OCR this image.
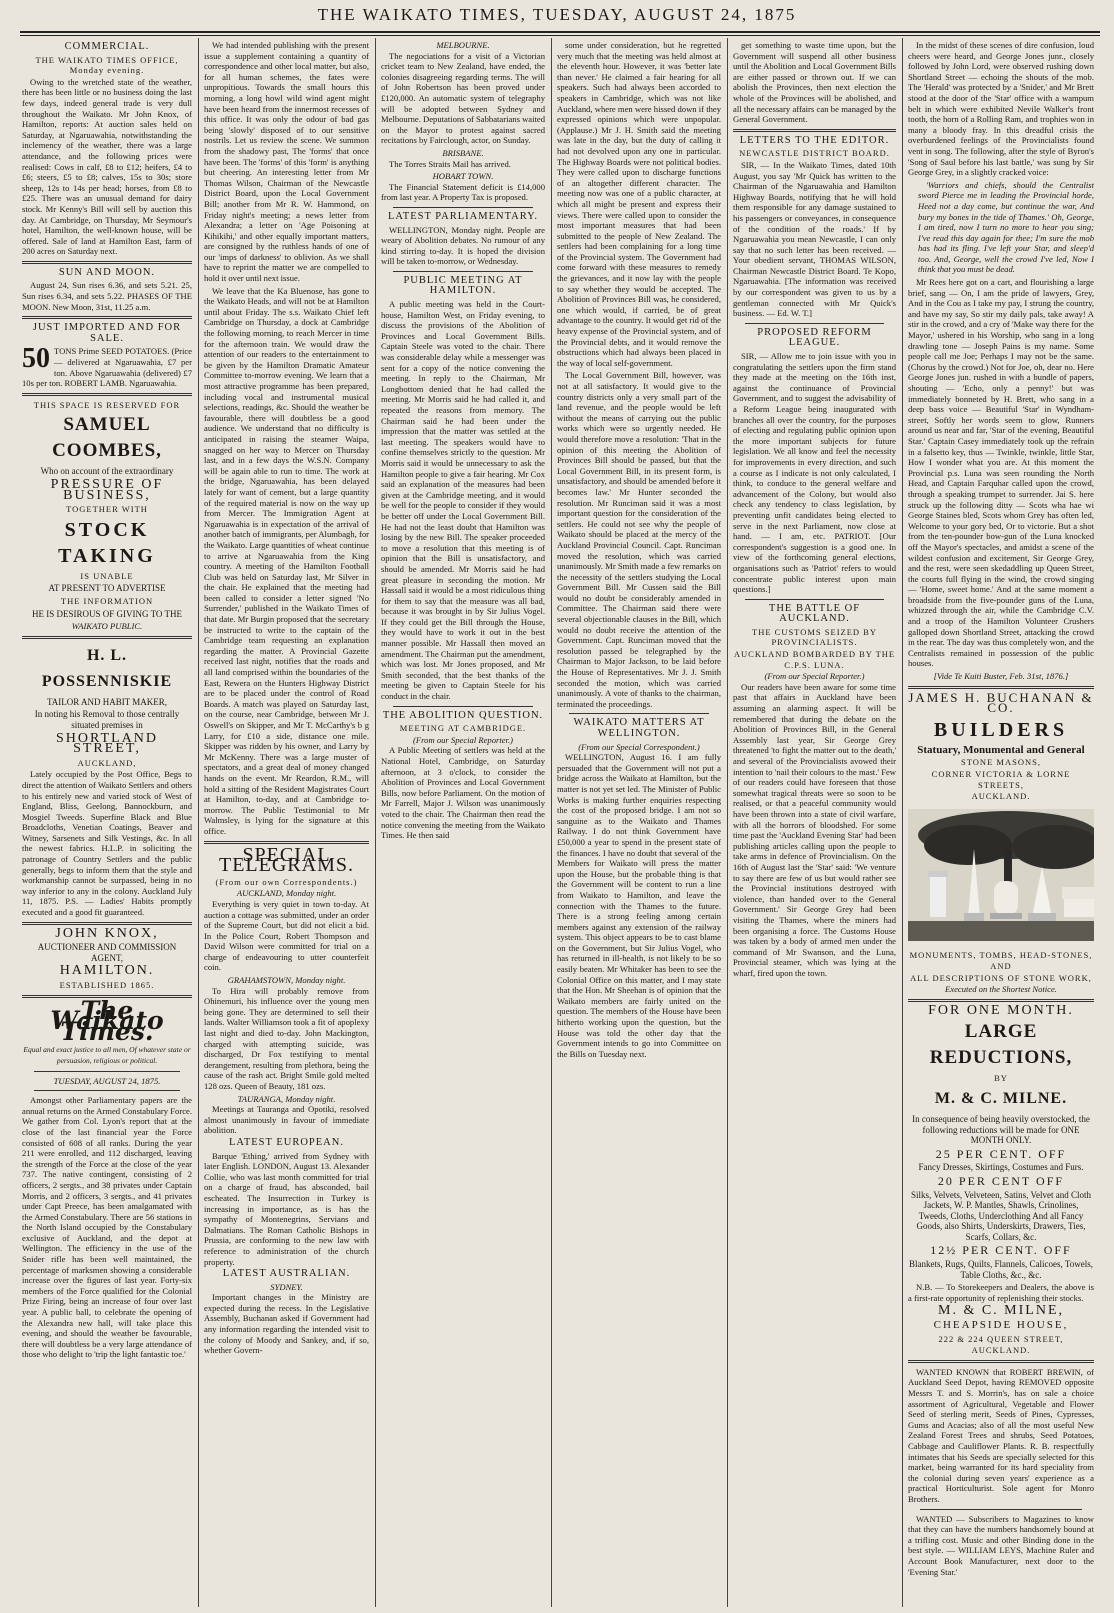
THE WAIKATO TIMES, TUESDAY, AUGUST 24, 1875
COMMERCIAL.
THE WAIKATO TIMES OFFICE, Monday evening.

Owing to the wretched state of the weather, there has been little or no business doing the last few days, indeed general trade is very dull throughout the Waikato. Mr John Knox, of Hamilton, reports: At auction sales held on Saturday, at Ngaruawahia, notwithstanding the inclemency of the weather, there was a large attendance, and the following prices were realised: Cows in calf, £8 to £12; heifers, £4 to £6; steers, £5 to £8; calves, 15s to 30s; store sheep, 12s to 14s per head; horses, from £8 to £25. There was an unusual demand for dairy stock. Mr Kenny's Bill will sell by auction this day. At Cambridge, on Thursday, Mr Seymour's hotel, Hamilton, the well-known house, will be offered. Sale of land at Hamilton East, farm of 200 acres on Saturday next.

SUN AND MOON.

August 24, Sun rises 6.36, and sets 5.21. 25, Sun rises 6.34, and sets 5.22. PHASES OF THE MOON. New Moon, 31st, 11.25 a.m.

JUST IMPORTED AND FOR SALE.
50 TONS Prime SEED POTATOES. (Price — delivered at Ngaruawahia, £7 per ton. Above Ngaruawahia (delivered) £7 10s per ton. ROBERT LAMB. Ngaruawahia.
THIS SPACE IS RESERVED FOR
SAMUEL COOMBES,
Who on account of the extraordinary
PRESSURE OF BUSINESS,
TOGETHER WITH
STOCK TAKING
IS UNABLE
AT PRESENT TO ADVERTISE
THE INFORMATION
HE IS DESIROUS OF GIVING TO THE
WAIKATO PUBLIC.
H. L. POSSENNISKIE
TAILOR AND HABIT MAKER,
In noting his Removal to those centrally situated premises in
SHORTLAND STREET,
AUCKLAND,

Lately occupied by the Post Office, Begs to direct the attention of Waikato Settlers and others to his entirely new and varied stock of West of England, Bliss, Geelong, Bannockburn, and Mosgiel Tweeds. Superfine Black and Blue Broadcloths, Venetian Coatings, Beaver and Witney, Sarsenets and Silk Vestings, &c. In all the newest fabrics. H.L.P. in soliciting the patronage of Country Settlers and the public generally, begs to inform them that the style and workmanship cannot be surpassed, being in no way inferior to any in the colony. Auckland July 11, 1875. P.S. — Ladies' Habits promptly executed and a good fit guaranteed.

JOHN KNOX,
AUCTIONEER AND COMMISSION AGENT,
HAMILTON.
ESTABLISHED 1865.
The Waikato Times.
Equal and exact justice to all men, Of whatever state or persuasion, religious or political.
TUESDAY, AUGUST 24, 1875.

Amongst other Parliamentary papers are the annual returns on the Armed Constabulary Force. We gather from Col. Lyon's report that at the close of the last financial year the Force consisted of 608 of all ranks. During the year 211 were enrolled, and 112 discharged, leaving the strength of the Force at the close of the year 737. The native contingent, consisting of 2 officers, 2 sergts., and 38 privates under Captain Morris, and 2 officers, 3 sergts., and 41 privates under Capt Preece, has been amalgamated with the Armed Constabulary. There are 56 stations in the North Island occupied by the Constabulary exclusive of Auckland, and the depot at Wellington. The efficiency in the use of the Snider rifle has been well maintained, the percentage of marksmen showing a considerable increase over the figures of last year. Forty-six members of the Force qualified for the Colonial Prize Firing, being an increase of four over last year. A public ball, to celebrate the opening of the Alexandra new hall, will take place this evening, and should the weather be favourable, there will doubtless be a very large attendance of those who delight to 'trip the light fantastic toe.'

We had intended publishing with the present issue a supplement containing a quantity of correspondence and other local matter, but also, for all human schemes, the fates were unpropitious. Towards the small hours this morning, a long howl wild wind agent might have been heard from the innermost recesses of this office. It was only the odour of bad gas being 'slowly' disposed of to our sensitive nostrils. Let us review the scene. We summon from the shadowy past, The 'forms' that once have been. The 'forms' of this 'form' is anything but cheering. An interesting letter from Mr Thomas Wilson, Chairman of the Newcastle District Board, upon the Local Government Bill; another from Mr R. W. Hammond, on Friday night's meeting; a news letter from Alexandra; a letter on 'Age Poisoning at Kihikihi,' and other equally important matters, are consigned by the ruthless hands of one of our 'imps of darkness' to oblivion. As we shall have to reprint the matter we are compelled to hold it over until next issue.

We leave that the Ka Bluenose, has gone to the Waikato Heads, and will not be at Hamilton until about Friday. The s.s. Waikato Chief left Cambridge on Thursday, a dock at Cambridge the following morning, to reach Mercer in time for the afternoon train. We would draw the attention of our readers to the entertainment to be given by the Hamilton Dramatic Amateur Committee to-morrow evening. We learn that a most attractive programme has been prepared, including vocal and instrumental musical selections, readings, &c. Should the weather be favourable, there will doubtless be a good audience. We understand that no difficulty is anticipated in raising the steamer Waipa, snagged on her way to Mercer on Thursday last, and in a few days the W.S.N. Company will be again able to run to time. The work at the bridge, Ngaruawahia, has been delayed lately for want of cement, but a large quantity of the required material is now on the way up from Mercer. The Immigration Agent at Ngaruawahia is in expectation of the arrival of another batch of immigrants, per Alumbagh, for the Waikato. Large quantities of wheat continue to arrive at Ngaruawahia from the King country. A meeting of the Hamilton Football Club was held on Saturday last, Mr Silver in the chair. He explained that the meeting had been called to consider a letter signed 'No Surrender,' published in the Waikato Times of that date. Mr Burgin proposed that the secretary be instructed to write to the captain of the Cambridge team requesting an explanation regarding the matter. A Provincial Gazette received last night, notifies that the roads and all land comprised within the boundaries of the East, Rewera on the Hunters Highway District are to be placed under the control of Road Boards. A match was played on Saturday last, on the course, near Cambridge, between Mr J. Oswell's on Skipper, and Mr T. McCarthy's b g Larry, for £10 a side, distance one mile. Skipper was ridden by his owner, and Larry by Mr McKenny. There was a large muster of spectators, and a great deal of money changed hands on the event. Mr Reardon, R.M., will hold a sitting of the Resident Magistrates Court at Hamilton, to-day, and at Cambridge to-morrow. The Public Testimonial to Mr Walmsley, is lying for the signature at this office.

SPECIAL TELEGRAMS.
(From our own Correspondents.)
AUCKLAND, Monday night.

Everything is very quiet in town to-day. At auction a cottage was submitted, under an order of the Supreme Court, but did not elicit a bid. In the Police Court, Robert Thompson and David Wilson were committed for trial on a charge of endeavouring to utter counterfeit coin.

GRAHAMSTOWN, Monday night.

To Hira will probably remove from Ohinemuri, his influence over the young men being gone. They are determined to sell their lands. Walter Williamson took a fit of apoplexy last night and died to-day. John Mackington, charged with attempting suicide, was discharged, Dr Fox testifying to mental derangement, resulting from plethora, being the cause of the rash act. Bright Smile gold melted 128 ozs. Queen of Beauty, 181 ozs.

TAURANGA, Monday night.

Meetings at Tauranga and Opotiki, resolved almost unanimously in favour of immediate abolition.

LATEST EUROPEAN.

Barque 'Ething,' arrived from Sydney with later English. LONDON, August 13. Alexander Collie, who was last month committed for trial on a charge of fraud, has absconded, bail escheated. The Insurrection in Turkey is increasing in importance, as is has the sympathy of Montenegrins, Servians and Dalmatians. The Roman Catholic Bishops in Prussia, are conforming to the new law with reference to administration of the church property.

LATEST AUSTRALIAN.
SYDNEY.

Important changes in the Ministry are expected during the recess. In the Legislative Assembly, Buchanan asked if Government had any information regarding the intended visit to the colony of Moody and Sankey, and, if so, whether Govern-

MELBOURNE.

The negociations for a visit of a Victorian cricket team to New Zealand, have ended, the colonies disagreeing regarding terms. The will of John Robertson has been proved under £120,000. An automatic system of telegraphy will be adopted between Sydney and Melbourne. Deputations of Sabbatarians waited on the Mayor to protest against sacred recitations by Fairclough, actor, on Sunday.

BRISBANE.

The Torres Straits Mail has arrived.

HOBART TOWN.

The Financial Statement deficit is £14,000 from last year. A Property Tax is proposed.

LATEST PARLIAMENTARY.

WELLINGTON, Monday night. People are weary of Abolition debates. No rumour of any kind stirring to-day. It is hoped the division will be taken to-morrow, or Wednesday.

PUBLIC MEETING AT HAMILTON.

A public meeting was held in the Court-house, Hamilton West, on Friday evening, to discuss the provisions of the Abolition of Provinces and Local Government Bills. Captain Steele was voted to the chair. There was considerable delay while a messenger was sent for a copy of the notice convening the meeting. In reply to the Chairman, Mr Longbottom denied that he had called the meeting. Mr Morris said he had called it, and repeated the reasons from memory. The Chairman said he had been under the impression that the matter was settled at the last meeting. The speakers would have to confine themselves strictly to the question. Mr Morris said it would be unnecessary to ask the Hamilton people to give a fair hearing. Mr Cox said an explanation of the measures had been given at the Cambridge meeting, and it would be well for the people to consider if they would be better off under the Local Government Bill. He had not the least doubt that Hamilton was losing by the new Bill. The speaker proceeded to move a resolution that this meeting is of opinion that the Bill is unsatisfactory, and should be amended. Mr Morris said he had great pleasure in seconding the motion. Mr Hassall said it would be a most ridiculous thing for them to say that the measure was all bad, because it was brought in by Sir Julius Vogel. If they could get the Bill through the House, they would have to work it out in the best manner possible. Mr Hassall then moved an amendment. The Chairman put the amendment, which was lost. Mr Jones proposed, and Mr Smith seconded, that the best thanks of the meeting be given to Captain Steele for his conduct in the chair.

THE ABOLITION QUESTION.
MEETING AT CAMBRIDGE.
(From our Special Reporter.)

A Public Meeting of settlers was held at the National Hotel, Cambridge, on Saturday afternoon, at 3 o'clock, to consider the Abolition of Provinces and Local Government Bills, now before Parliament. On the motion of Mr Farrell, Major J. Wilson was unanimously voted to the chair. The Chairman then read the notice convening the meeting from the Waikato Times. He then said

some under consideration, but he regretted very much that the meeting was held almost at the eleventh hour. However, it was 'better late than never.' He claimed a fair hearing for all speakers. Such had always been accorded to speakers in Cambridge, which was not like Auckland, where men were hissed down if they expressed opinions which were unpopular. (Applause.) Mr J. H. Smith said the meeting was late in the day, but the duty of calling it had not devolved upon any one in particular. The Highway Boards were not political bodies. They were called upon to discharge functions of an altogether different character. The meeting now was one of a public character, at which all might be present and express their views. There were called upon to consider the most important measures that had been submitted to the people of New Zealand. The settlers had been complaining for a long time of the Provincial system. The Government had come forward with these measures to remedy the grievances, and it now lay with the people to say whether they would be accepted. The Abolition of Provinces Bill was, he considered, one which would, if carried, be of great advantage to the country. It would get rid of the heavy expense of the Provincial system, and of the Provincial debts, and it would remove the obstructions which had always been placed in the way of local self-government.

The Local Government Bill, however, was not at all satisfactory. It would give to the country districts only a very small part of the land revenue, and the people would be left without the means of carrying out the public works which were so urgently needed. He would therefore move a resolution: 'That in the opinion of this meeting the Abolition of Provinces Bill should be passed, but that the Local Government Bill, in its present form, is unsatisfactory, and should be amended before it becomes law.' Mr Hunter seconded the resolution. Mr Runciman said it was a most important question for the consideration of the settlers. He could not see why the people of Waikato should be placed at the mercy of the Auckland Provincial Council. Capt. Runciman moved the resolution, which was carried unanimously. Mr Smith made a few remarks on the necessity of the settlers studying the Local Government Bill. Mr Cussen said the Bill would no doubt be considerably amended in Committee. The Chairman said there were several objectionable clauses in the Bill, which would no doubt receive the attention of the Government. Capt. Runciman moved that the resolution passed be telegraphed by the Chairman to Major Jackson, to be laid before the House of Representatives. Mr J. J. Smith seconded the motion, which was carried unanimously. A vote of thanks to the chairman, terminated the proceedings.

WAIKATO MATTERS AT WELLINGTON.
(From our Special Correspondent.)

WELLINGTON, August 16. I am fully persuaded that the Government will not put a bridge across the Waikato at Hamilton, but the matter is not yet set led. The Minister of Public Works is making further enquiries respecting the cost of the proposed bridge. I am not so sanguine as to the Waikato and Thames Railway. I do not think Government have £50,000 a year to spend in the present state of the finances. I have no doubt that several of the Members for Waikato will press the matter upon the House, but the probable thing is that the Government will be content to run a line from Waikato to Hamilton, and leave the connection with the Thames to the future. There is a strong feeling among certain members against any extension of the railway system. This object appears to be to cast blame on the Government, but Sir Julius Vogel, who has returned in ill-health, is not likely to be so easily beaten. Mr Whitaker has been to see the Colonial Office on this matter, and I may state that the Hon. Mr Sheehan is of opinion that the Waikato members are fairly united on the question. The members of the House have been hitherto working upon the question, but the House was told the other day that the Government intends to go into Committee on the Bills on Tuesday next.

get something to waste time upon, but the Government will suspend all other business until the Abolition and Local Government Bills are either passed or thrown out. If we can abolish the Provinces, then next election the whole of the Provinces will be abolished, and all the necessary affairs can be managed by the General Government.

LETTERS TO THE EDITOR.
NEWCASTLE DISTRICT BOARD.

SIR, — In the Waikato Times, dated 10th August, you say 'Mr Quick has written to the Chairman of the Ngaruawahia and Hamilton Highway Boards, notifying that he will hold them responsible for any damage sustained to his passengers or conveyances, in consequence of the condition of the roads.' If by Ngaruawahia you mean Newcastle, I can only say that no such letter has been received. — Your obedient servant, THOMAS WILSON, Chairman Newcastle District Board. Te Kopo, Ngaruawahia. [The information was received by our correspondent was given to us by a gentleman connected with Mr Quick's business. — Ed. W. T.]

PROPOSED REFORM LEAGUE.

SIR, — Allow me to join issue with you in congratulating the settlers upon the firm stand they made at the meeting on the 16th inst, against the continuance of Provincial Government, and to suggest the advisability of a Reform League being inaugurated with branches all over the country, for the purposes of electing and regulating public opinion upon the more important subjects for future legislation. We all know and feel the necessity for improvements in every direction, and such a course as I indicate is not only calculated, I think, to conduce to the general welfare and advancement of the Colony, but would also check any tendency to class legislation, by preventing unfit candidates being elected to serve in the next Parliament, now close at hand. — I am, etc. PATRIOT. [Our correspondent's suggestion is a good one. In view of the forthcoming general elections, organisations such as 'Patriot' refers to would concentrate public interest upon main questions.]

THE BATTLE OF AUCKLAND.
THE CUSTOMS SEIZED BY PROVINCIALISTS.
AUCKLAND BOMBARDED BY THE C.P.S. LUNA.
(From our Special Reporter.)

Our readers have been aware for some time past that affairs in Auckland have been assuming an alarming aspect. It will be remembered that during the debate on the Abolition of Provinces Bill, in the General Assembly last year, Sir George Grey threatened 'to fight the matter out to the death,' and several of the Provincialists avowed their intention to 'nail their colours to the mast.' Few of our readers could have foreseen that those somewhat tragical threats were so soon to be realised, or that a peaceful community would have been thrown into a state of civil warfare, with all the horrors of bloodshed. For some time past the 'Auckland Evening Star' had been publishing articles calling upon the people to take arms in defence of Provincialism. On the 16th of August last the 'Star' said: 'We venture to say there are few of us but would rather see the Provincial institutions destroyed with violence, than handed over to the General Government.' Sir George Grey had been visiting the Thames, where the miners had been organising a force. The Customs House was taken by a body of armed men under the command of Mr Swanson, and the Luna, Provincial steamer, which was lying at the wharf, fired upon the town.

In the midst of these scenes of dire confusion, loud cheers were heard, and George Jones junr., closely followed by John Lord, were observed rushing down Shortland Street — echoing the shouts of the mob. The 'Herald' was protected by a 'Snider,' and Mr Brett stood at the door of the 'Star' office with a wampum belt in which were exhibited Nevile Walker's front tooth, the horn of a Rolling Ram, and trophies won in many a bloody fray. In this dreadful crisis the overburdened feelings of the Provincialists found vent in song. The following, after the style of Byron's 'Song of Saul before his last battle,' was sung by Sir George Grey, in a slightly cracked voice:

'Warriors and chiefs, should the Centralist sword Pierce me in leading the Provincial horde, Heed not a day come, but continue the war, And bury my bones in the tide of Thames.' Oh, George, I am tired, now I turn no more to hear you sing; I've read this day again for thee; I'm sure the mob has had its fling. I've left your Star, and sleep'd too. And, George, well the crowd I've led, Now I think that you must be dead.

Mr Rees here got on a cart, and flourishing a large brief, sang — On, I am the pride of lawyers, Grey, And in the Cou as I take my pay, I strung the country, and have my say, So stir my daily pals, take away! A stir in the crowd, and a cry of 'Make way there for the Mayor,' ushered in his Worship, who sang in a long drawling tone — Joseph Pains is my name. Some people call me Joe; Perhaps I may not be the same. (Chorus by the crowd.) Not for Joe, oh, dear no. Here George Jones jun. rushed in with a bundle of papers, shouting — 'Echo, only a penny!' but was immediately bonneted by H. Brett, who sang in a deep bass voice — Beautiful 'Star' in Wyndham-street, Softly her words seem to glow, Runners around us near and far, 'Star of the evening, Beautiful Star.' Captain Casey immediately took up the refrain in a falsetto key, thus — Twinkle, twinkle, little Star, How I wonder what you are. At this moment the Provincial p.s. Luna was seen rounding the North Head, and Captain Farquhar called upon the crowd, through a speaking trumpet to surrender. Jai S. here struck up the following ditty — Scots wha hae wi George Staines bled, Scots whom Grey has often led, Welcome to your gory bed, Or to victorie. But a shot from the ten-pounder bow-gun of the Luna knocked off the Mayor's spectacles, and amidst a scene of the wildest confusion and excitement, Sir George Grey, and the rest, were seen skedaddling up Queen Street, the courts full flying in the wind, the crowd singing — 'Home, sweet home.' And at the same moment a broadside from the five-pounder guns of the Luna, whizzed through the air, while the Cambridge C.V. and a troop of the Hamilton Volunteer Crushers galloped down Shortland Street, attacking the crowd in the rear. The day was thus completely won, and the Centralists remained in possession of the public houses.

[Vide Te Kuiti Buster, Feb. 31st, 1876.]
JAMES H. BUCHANAN & CO.
BUILDERS
Statuary, Monumental and General
STONE MASONS,
CORNER VICTORIA & LORNE STREETS,
AUCKLAND.
MONUMENTS, TOMBS, HEAD-STONES, AND
ALL DESCRIPTIONS OF STONE WORK,
Executed on the Shortest Notice.
FOR ONE MONTH.
LARGE REDUCTIONS,
BY
M. & C. MILNE.
In consequence of being heavily overstocked, the following reductions will be made for ONE MONTH ONLY.
25 PER CENT. OFF
Fancy Dresses, Skirtings, Costumes and Furs.
20 PER CENT OFF
Silks, Velvets, Velveteen, Satins, Velvet and Cloth Jackets, W. P. Mantles, Shawls, Crinolines, Tweeds, Cloths, Underclothing And all Fancy Goods, also Shirts, Underskirts, Drawers, Ties, Scarfs, Collars, &c.
12½ PER CENT. OFF
Blankets, Rugs, Quilts, Flannels, Calicoes, Towels, Table Cloths, &c., &c.

N.B. — To Storekeepers and Dealers, the above is a first-rate opportunity of replenishing their stocks.

M. & C. MILNE,
CHEAPSIDE HOUSE,
222 & 224 QUEEN STREET,
AUCKLAND.

WANTED KNOWN that ROBERT BREWIN, of Auckland Seed Depot, having REMOVED opposite Messrs T. and S. Morrin's, has on sale a choice assortment of Agricultural, Vegetable and Flower Seed of sterling merit, Seeds of Pines, Cypresses, Gums and Acacias; also of all the most useful New Zealand Forest Trees and shrubs, Seed Potatoes, Cabbage and Cauliflower Plants. R. B. respectfully intimates that his Seeds are specially selected for this market, being warranted for its hard speciality from the colonial during seven years' experience as a practical Horticulturist. Sole agent for Monro Brothers.

WANTED — Subscribers to Magazines to know that they can have the numbers handsomely bound at a trifling cost. Music and other Binding done in the best style. — WILLIAM LEYS, Machine Ruler and Account Book Manufacturer, next door to the 'Evening Star.'
